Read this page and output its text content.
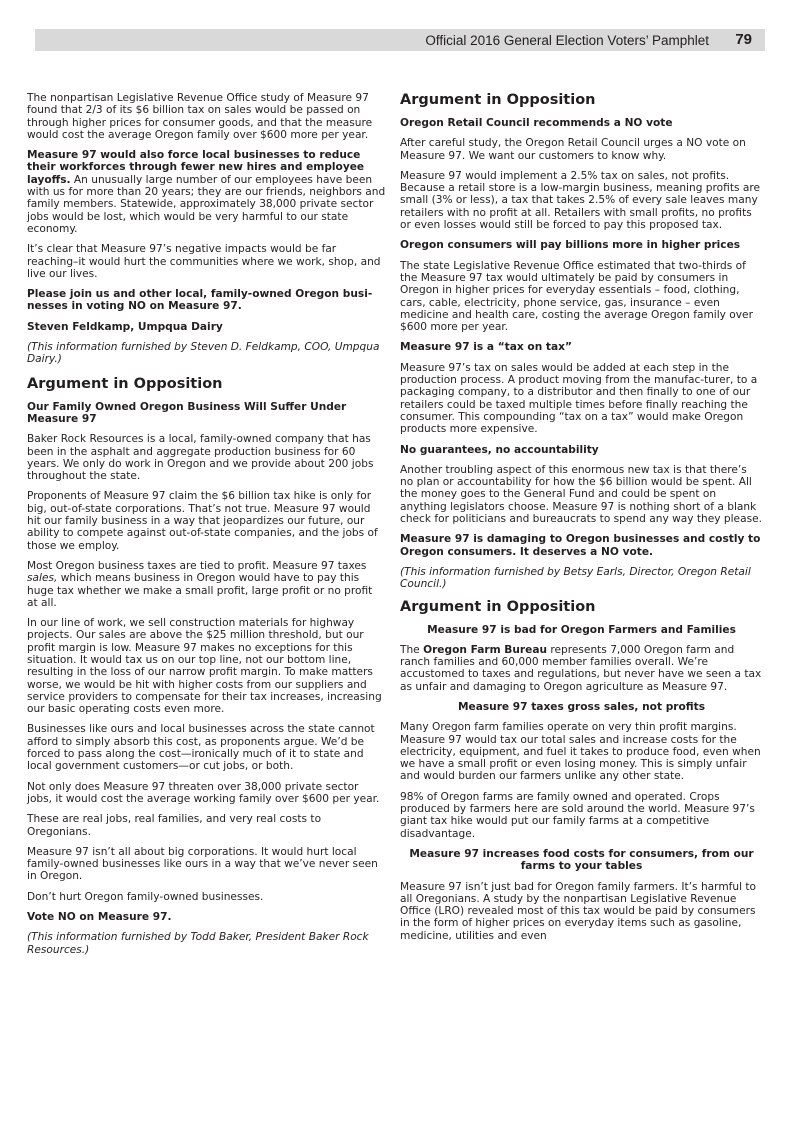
Official 2016 General Election Voters’ Pamphlet 79

The nonpartisan Legislative Revenue Office study of Measure 97 found that 2/3 of its $6 billion tax on sales would be passed on through higher prices for consumer goods, and that the measure would cost the average Oregon family over $600 more per year.

Measure 97 would also force local businesses to reduce their workforces through fewer new hires and employee layoffs. An unusually large number of our employees have been with us for more than 20 years; they are our friends, neighbors and family members. Statewide, approximately 38,000 private sector jobs would be lost, which would be very harmful to our state economy.

It’s clear that Measure 97’s negative impacts would be far reaching–it would hurt the communities where we work, shop, and live our lives.

Please join us and other local, family-owned Oregon busi-nesses in voting NO on Measure 97.

Steven Feldkamp, Umpqua Dairy

(This information furnished by Steven D. Feldkamp, COO, Umpqua Dairy.)

Argument in Opposition
Our Family Owned Oregon Business Will Suffer Under Measure 97

Baker Rock Resources is a local, family-owned company that has been in the asphalt and aggregate production business for 60 years. We only do work in Oregon and we provide about 200 jobs throughout the state.

Proponents of Measure 97 claim the $6 billion tax hike is only for big, out-of-state corporations. That’s not true. Measure 97 would hit our family business in a way that jeopardizes our future, our ability to compete against out-of-state companies, and the jobs of those we employ.

Most Oregon business taxes are tied to profit. Measure 97 taxes sales, which means business in Oregon would have to pay this huge tax whether we make a small profit, large profit or no profit at all.

In our line of work, we sell construction materials for highway projects. Our sales are above the $25 million threshold, but our profit margin is low. Measure 97 makes no exceptions for this situation. It would tax us on our top line, not our bottom line, resulting in the loss of our narrow profit margin. To make matters worse, we would be hit with higher costs from our suppliers and service providers to compensate for their tax increases, increasing our basic operating costs even more.

Businesses like ours and local businesses across the state cannot afford to simply absorb this cost, as proponents argue. We’d be forced to pass along the cost—ironically much of it to state and local government customers—or cut jobs, or both.

Not only does Measure 97 threaten over 38,000 private sector jobs, it would cost the average working family over $600 per year.

These are real jobs, real families, and very real costs to Oregonians.

Measure 97 isn’t all about big corporations. It would hurt local family-owned businesses like ours in a way that we’ve never seen in Oregon.

Don’t hurt Oregon family-owned businesses.

Vote NO on Measure 97.

(This information furnished by Todd Baker, President Baker Rock Resources.)

Argument in Opposition
Oregon Retail Council recommends a NO vote

After careful study, the Oregon Retail Council urges a NO vote on Measure 97. We want our customers to know why.

Measure 97 would implement a 2.5% tax on sales, not profits. Because a retail store is a low-margin business, meaning profits are small (3% or less), a tax that takes 2.5% of every sale leaves many retailers with no profit at all. Retailers with small profits, no profits or even losses would still be forced to pay this proposed tax.

Oregon consumers will pay billions more in higher prices

The state Legislative Revenue Office estimated that two-thirds of the Measure 97 tax would ultimately be paid by consumers in Oregon in higher prices for everyday essentials – food, clothing, cars, cable, electricity, phone service, gas, insurance – even medicine and health care, costing the average Oregon family over $600 more per year.

Measure 97 is a “tax on tax”

Measure 97’s tax on sales would be added at each step in the production process. A product moving from the manufac-turer, to a packaging company, to a distributor and then finally to one of our retailers could be taxed multiple times before finally reaching the consumer. This compounding “tax on a tax” would make Oregon products more expensive.

No guarantees, no accountability

Another troubling aspect of this enormous new tax is that there’s no plan or accountability for how the $6 billion would be spent. All the money goes to the General Fund and could be spent on anything legislators choose. Measure 97 is nothing short of a blank check for politicians and bureaucrats to spend any way they please.

Measure 97 is damaging to Oregon businesses and costly to Oregon consumers. It deserves a NO vote.

(This information furnished by Betsy Earls, Director, Oregon Retail Council.)

Argument in Opposition

Measure 97 is bad for Oregon Farmers and Families

The Oregon Farm Bureau represents 7,000 Oregon farm and ranch families and 60,000 member families overall. We’re accustomed to taxes and regulations, but never have we seen a tax as unfair and damaging to Oregon agriculture as Measure 97.

Measure 97 taxes gross sales, not profits

Many Oregon farm families operate on very thin profit margins. Measure 97 would tax our total sales and increase costs for the electricity, equipment, and fuel it takes to produce food, even when we have a small profit or even losing money. This is simply unfair and would burden our farmers unlike any other state.

98% of Oregon farms are family owned and operated. Crops produced by farmers here are sold around the world. Measure 97’s giant tax hike would put our family farms at a competitive disadvantage.

Measure 97 increases food costs for consumers, from our farms to your tables

Measure 97 isn’t just bad for Oregon family farmers. It’s harmful to all Oregonians. A study by the nonpartisan Legislative Revenue Office (LRO) revealed most of this tax would be paid by consumers in the form of higher prices on everyday items such as gasoline, medicine, utilities and even
